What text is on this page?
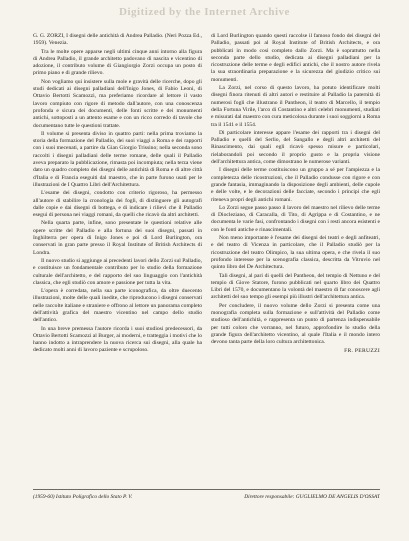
Digitized by the Internet Archive

G. G. ZORZI, I disegni delle antichità di Andrea Palladio. (Neri Pozza Ed., 1959). Venezia.

Tra le molte opere apparse negli ultimi cinque anni intorno alla figura di Andrea Palladio, il grande architetto padovano di nascita e vicentino di adozione, il contributo volume di Giangiorgio Zorzi occupa un posto di primo piano e di grande rilievo.

Non vogliamo qui insistere sulla mole e gravità delle ricerche, dopo gli studi dedicati ai disegni palladiani dell'Inigo Jones, di Fabio Leoni, di Ottavio Bertotti Scamozzi, ma preferiamo ricordare al lettore il vasto lavoro compiuto con rigore di metodo dall'autore, con una conoscenza profonda e sicura dei documenti, delle fonti scritte e dei monumenti antichi, sottoposti a un attento esame e con un ricco corredo di tavole che documentano tutte le questioni trattate.

Il volume si presenta diviso in quattro parti: nella prima troviamo la storia della formazione del Palladio, dei suoi viaggi a Roma e dei rapporti con i suoi mecenati, a partire da Gian Giorgio Trissino; nella seconda sono raccolti i disegni palladiani delle terme romane, delle quali il Palladio aveva preparato la pubblicazione, rimasta poi incompiuta; nella terza viene dato un quadro completo dei disegni delle antichità di Roma e di altre città d'Italia e di Francia eseguiti dal maestro, che in parte furono usati per le illustrazioni de I Quattro Libri dell'Architettura.

L'esame dei disegni, condotto con criterio rigoroso, ha permesso all'autore di stabilire la cronologia dei fogli, di distinguere gli autografi dalle copie e dai disegni di bottega, e di indicare i rilievi che il Palladio eseguì di persona nei viaggi romani, da quelli che ricavò da altri architetti.

Nella quarta parte, infine, sono presentate le questioni relative alle opere scritte del Palladio e alla fortuna dei suoi disegni, passati in Inghilterra per opera di Inigo Jones e poi di Lord Burlington, ora conservati in gran parte presso il Royal Institute of British Architects di Londra.

Il nuovo studio si aggiunge ai precedenti lavori dello Zorzi sul Palladio, e costituisce un fondamentale contributo per lo studio della formazione culturale dell'architetto, e del rapporto del suo linguaggio con l'antichità classica, che egli studiò con amore e passione per tutta la vita.

L'opera è corredata, nella sua parte iconografica, da oltre duecento illustrazioni, molte delle quali inedite, che riproducono i disegni conservati nelle raccolte italiane e straniere e offrono al lettore un panorama completo dell'attività grafica del maestro vicentino nel campo dello studio dell'antico.

In una breve premessa l'autore ricorda i suoi studiosi predecessori, da Ottavio Bertotti Scamozzi al Burger, ai moderni, e tratteggia i motivi che lo hanno indotto a intraprendere la nuova ricerca sui disegni, alla quale ha dedicato molti anni di lavoro paziente e scrupoloso.

di Lord Burlington quando questi raccolse il famoso fondo dei disegni del Palladio, passati poi al Royal Institute of British Architects, e ora pubblicati in modo così completo dallo Zorzi. Ma è soprattutto nella seconda parte dello studio, dedicata ai disegni palladiani per la ricostruzione delle terme e degli edifici antichi, che il nostro autore rivela la sua straordinaria preparazione e la sicurezza del giudizio critico sui monumenti.

La Zorzi, nel corso di questo lavoro, ha potuto identificare molti disegni finora ritenuti di altri autori e restituire al Palladio la paternità di numerosi fogli che illustrano il Pantheon, il teatro di Marcello, il tempio della Fortuna Virile, l'arco di Costantino e altri celebri monumenti, studiati e misurati dal maestro con cura meticolosa durante i suoi soggiorni a Roma tra il 1541 e il 1554.

Di particolare interesse appare l'esame dei rapporti tra i disegni del Palladio e quelli del Serlio, del Sangallo e degli altri architetti del Rinascimento, dai quali egli ricavò spesso misure e particolari, rielaborandoli poi secondo il proprio gusto e la propria visione dell'architettura antica, come dimostrano le numerose varianti.

I disegni delle terme costituiscono un gruppo a sé per l'ampiezza e la completezza delle ricostruzioni, che il Palladio condusse con rigore e con grande fantasia, immaginando la disposizione degli ambienti, delle cupole e delle volte, e le decorazioni delle facciate, secondo i principi che egli riteneva propri degli antichi romani.

Lo Zorzi segue passo passo il lavoro del maestro nel rilievo delle terme di Diocleziano, di Caracalla, di Tito, di Agrippa e di Costantino, e ne documenta le varie fasi, confrontando i disegni con i resti ancora esistenti e con le fonti antiche e rinascimentali.

Non meno importante è l'esame dei disegni dei teatri e degli anfiteatri, e del teatro di Vicenza in particolare, che il Palladio studiò per la ricostruzione del teatro Olimpico, la sua ultima opera, e che rivela il suo profondo interesse per la scenografia classica, descritta da Vitruvio nel quinto libro del De Architectura.

Tali disegni, al pari di quelli del Pantheon, del tempio di Nettuno e del tempio di Giove Statore, furono pubblicati nel quarto libro dei Quattro Libri del 1570, e documentano la volontà del maestro di far conoscere agli architetti del suo tempo gli esempi più illustri dell'architettura antica.

Per concludere, il nuovo volume dello Zorzi si presenta come una monografia completa sulla formazione e sull'attività del Palladio come studioso dell'antichità, e rappresenta un punto di partenza indispensabile per tutti coloro che vorranno, nel futuro, approfondire lo studio della grande figura dell'architetto vicentino, al quale l'Italia e il mondo intero devono tanta parte della loro cultura architettonica.

FR. PERUZZI

(1959-60) Istituto Poligrafico dello Stato P. V.	Direttore responsabile: GUGLIELMO DE ANGELIS D'OSSAT
